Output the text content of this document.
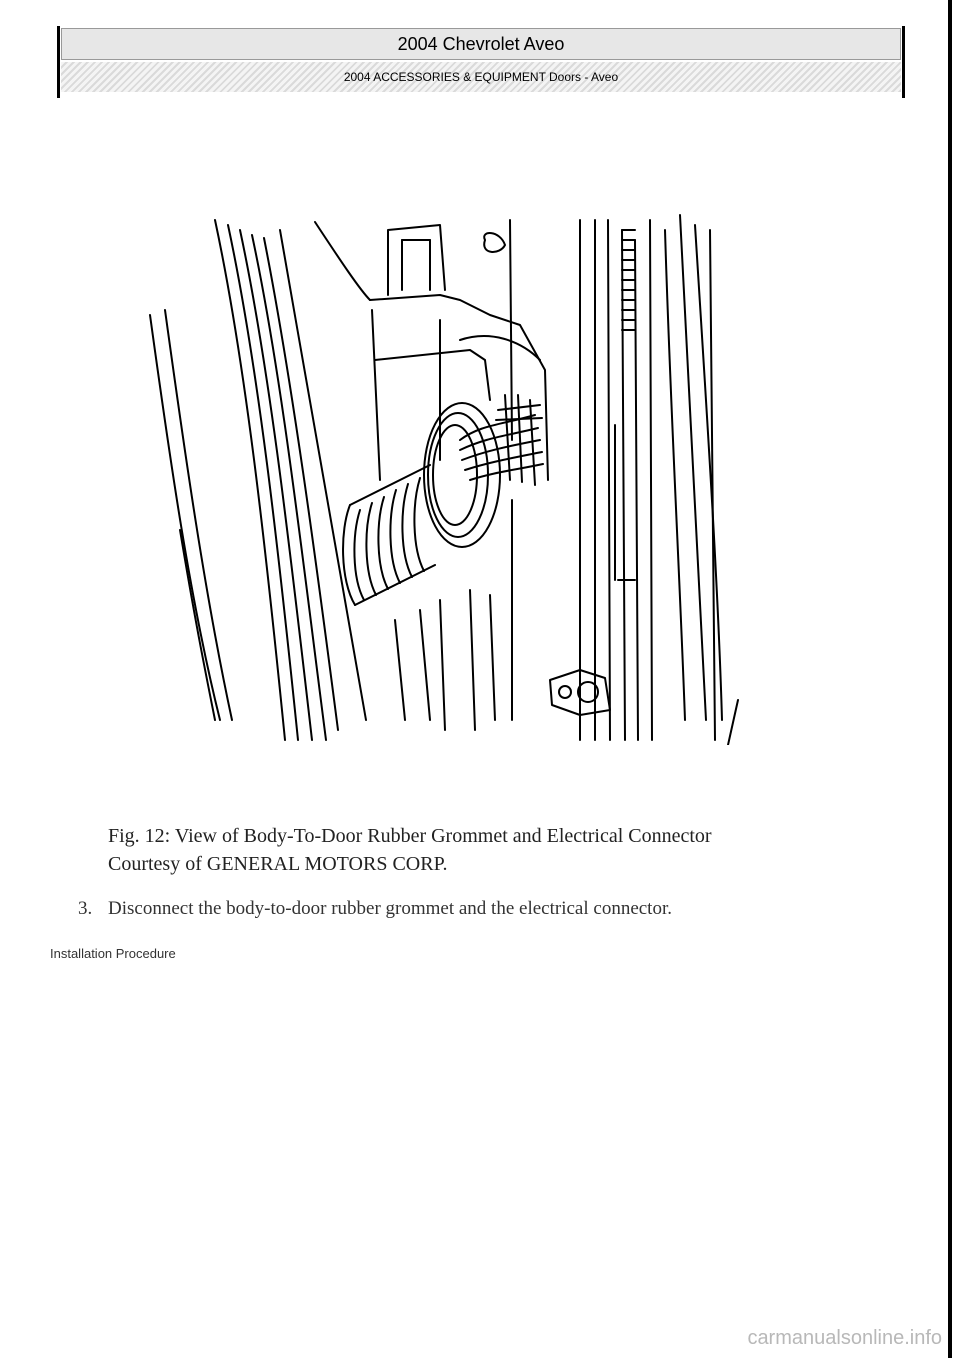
2004 Chevrolet Aveo
2004 ACCESSORIES & EQUIPMENT Doors - Aveo
Fig. 12: View of Body-To-Door Rubber Grommet and Electrical Connector
Courtesy of GENERAL MOTORS CORP.
3. Disconnect the body-to-door rubber grommet and the electrical connector.
Installation Procedure
carmanualsonline.info
